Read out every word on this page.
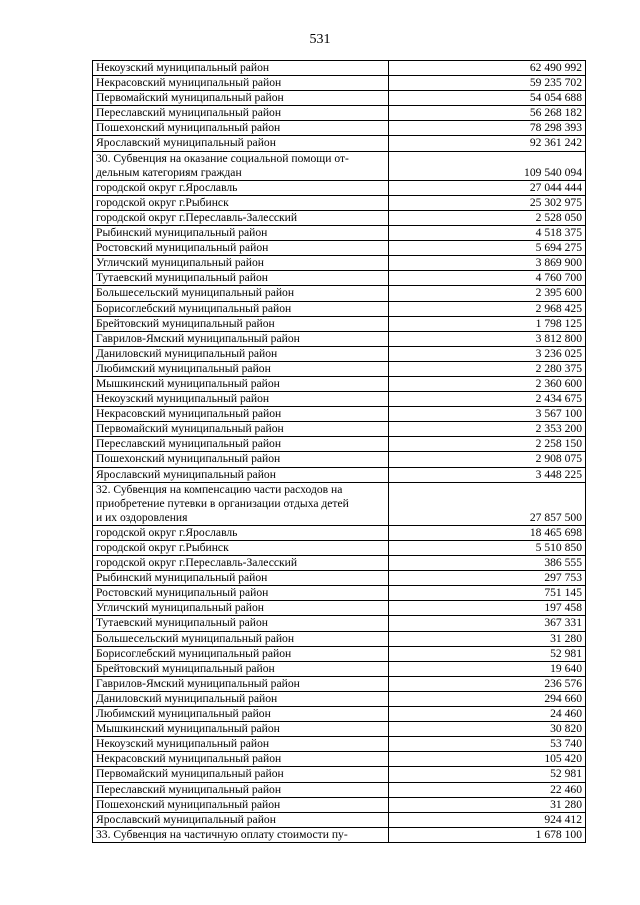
531
Некоузский муниципальный район	62 490 992
Некрасовский муниципальный район	59 235 702
Первомайский муниципальный район	54 054 688
Переславский муниципальный район	56 268 182
Пошехонский муниципальный район	78 298 393
Ярославский муниципальный район	92 361 242

30. Субвенция на оказание социальной помощи от-
дельным категориям граждан	109 540 094
городской округ г.Ярославль	27 044 444
городской округ г.Рыбинск	25 302 975
городской округ г.Переславль-Залесский	2 528 050
Рыбинский муниципальный район	4 518 375
Ростовский муниципальный район	5 694 275
Угличский муниципальный район	3 869 900
Тутаевский муниципальный район	4 760 700
Большесельский муниципальный район	2 395 600
Борисоглебский муниципальный район	2 968 425
Брейтовский муниципальный район	1 798 125
Гаврилов-Ямский муниципальный район	3 812 800
Даниловский муниципальный район	3 236 025
Любимский муниципальный район	2 280 375
Мышкинский муниципальный район	2 360 600
Некоузский муниципальный район	2 434 675
Некрасовский муниципальный район	3 567 100
Первомайский муниципальный район	2 353 200
Переславский муниципальный район	2 258 150
Пошехонский муниципальный район	2 908 075
Ярославский муниципальный район	3 448 225

32. Субвенция на компенсацию части расходов на
приобретение путевки в организации отдыха детей
и их оздоровления	27 857 500
городской округ г.Ярославль	18 465 698
городской округ г.Рыбинск	5 510 850
городской округ г.Переславль-Залесский	386 555
Рыбинский муниципальный район	297 753
Ростовский муниципальный район	751 145
Угличский муниципальный район	197 458
Тутаевский муниципальный район	367 331
Большесельский муниципальный район	31 280
Борисоглебский муниципальный район	52 981
Брейтовский муниципальный район	19 640
Гаврилов-Ямский муниципальный район	236 576
Даниловский муниципальный район	294 660
Любимский муниципальный район	24 460
Мышкинский муниципальный район	30 820
Некоузский муниципальный район	53 740
Некрасовский муниципальный район	105 420
Первомайский муниципальный район	52 981
Переславский муниципальный район	22 460
Пошехонский муниципальный район	31 280
Ярославский муниципальный район	924 412
33. Субвенция на частичную оплату стоимости пу-	1 678 100
